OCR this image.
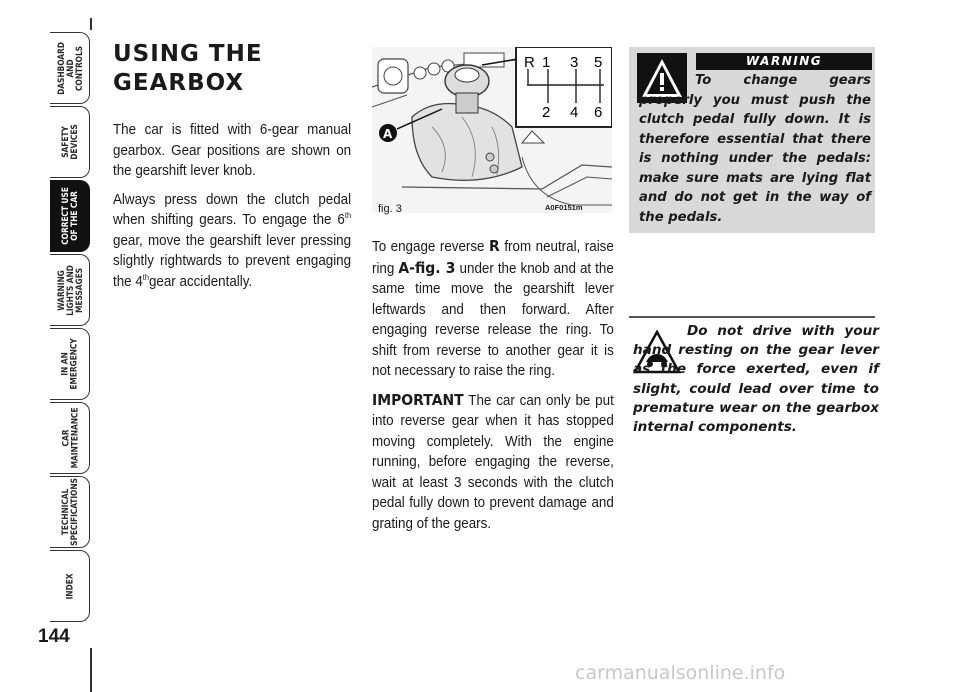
DASHBOARD
AND
CONTROLS
SAFETY
DEVICES
CORRECT USE
OF THE CAR
WARNING
LIGHTS AND
MESSAGES
IN AN
EMERGENCY
CAR
MAINTENANCE
TECHNICAL
SPECIFICATIONS
INDEX
144
USING THE
GEARBOX

The car is fitted with 6-gear manual gearbox. Gear positions are shown on the gearshift lever knob.

Always press down the clutch pedal when shifting gears. To engage the 6th gear, move the gearshift lever pressing slightly rightwards to prevent engaging the 4thgear accidentally.

R 1 3 5
2 4 6
A
fig. 3	A0F0151m

To engage reverse R from neutral, raise ring A-fig. 3 under the knob and at the same time move the gearshift lever leftwards and then forward. After engaging reverse release the ring. To shift from reverse to another gear it is not necessary to raise the ring.

IMPORTANT The car can only be put into reverse gear when it has stopped moving completely. With the engine running, before engaging the reverse, wait at least 3 seconds with the clutch pedal fully down to prevent damage and grating of the gears.

WARNING

To change gears properly you must push the clutch pedal fully down. It is therefore essential that there is nothing under the pedals: make sure mats are lying flat and do not get in the way of the pedals.

Do not drive with your hand resting on the gear lever as the force exerted, even if slight, could lead over time to premature wear on the gearbox internal components.

carmanualsonline.info
